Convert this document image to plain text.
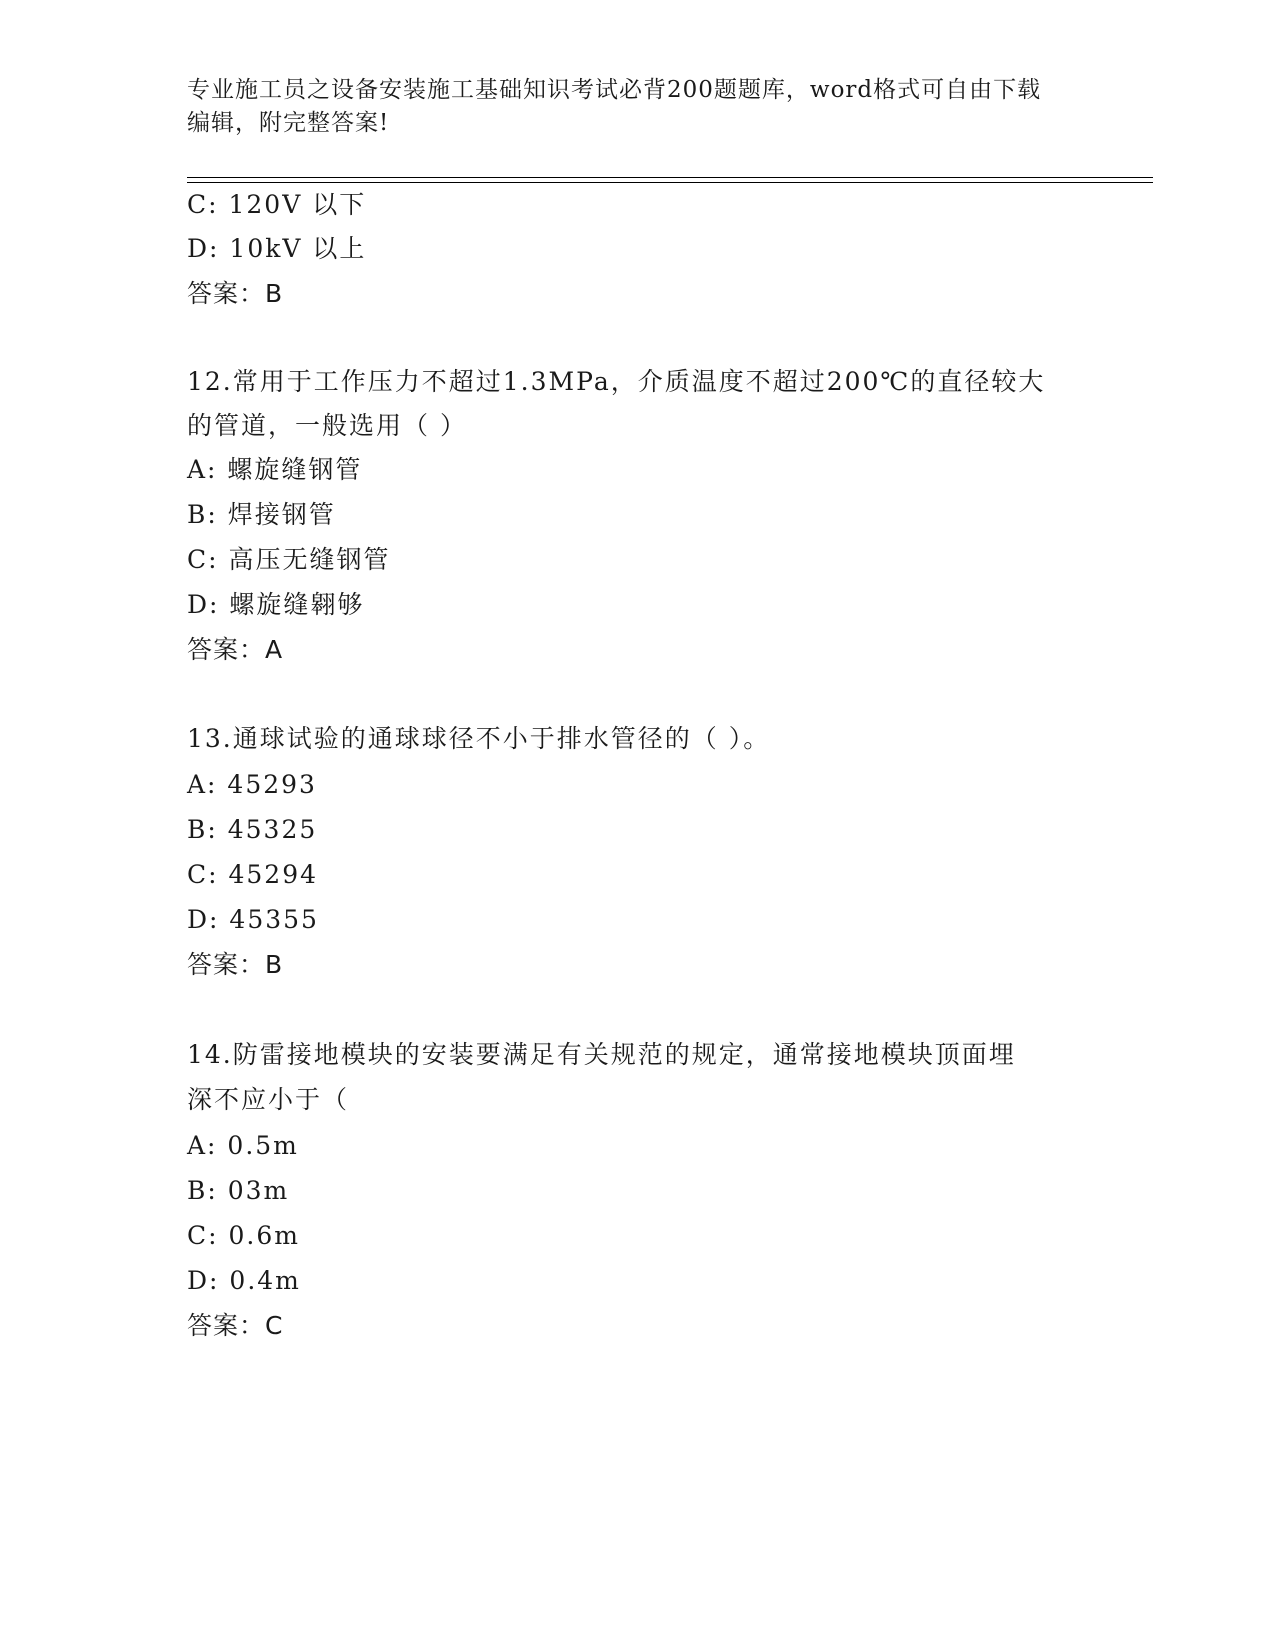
专业施工员之设备安装施工基础知识考试必背200题题库，word格式可自由下载
编辑，附完整答案!
C: 120V 以下
D: 10kV 以上
答案：B
12.常用于工作压力不超过1.3MPa，介质温度不超过200℃的直径较大
的管道，一般选用（ ）
A: 螺旋缝钢管
B: 焊接钢管
C: 高压无缝钢管
D: 螺旋缝翱够
答案：A
13.通球试验的通球球径不小于排水管径的（ ）。
A: 45293
B: 45325
C: 45294
D: 45355
答案：B
14.防雷接地模块的安装要满足有关规范的规定，通常接地模块顶面埋
深不应小于（
A: 0.5m
B: 03m
C: 0.6m
D: 0.4m
答案：C
